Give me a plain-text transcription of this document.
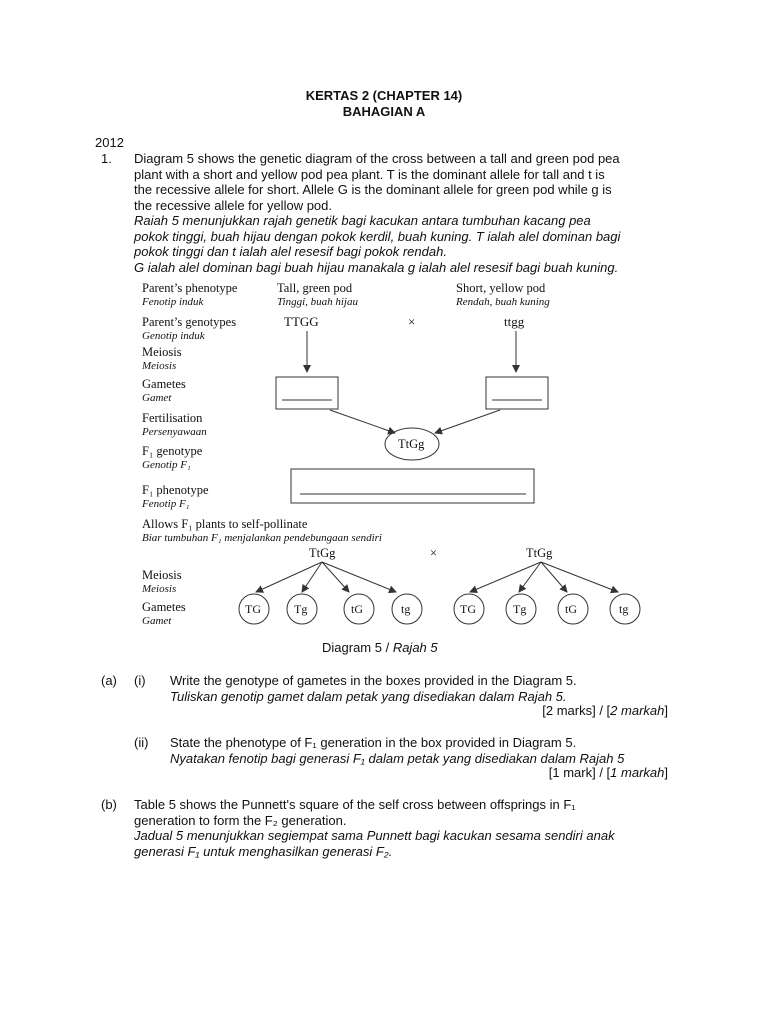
KERTAS 2 (CHAPTER 14)
BAHAGIAN A
2012
1. Diagram 5 shows the genetic diagram of the cross between a tall and green pod pea
plant with a short and yellow pod pea plant. T is the dominant allele for tall and t is
the recessive allele for short. Allele G is the dominant allele for green pod while g is
the recessive allele for yellow pod.
Raiah 5 menunjukkan rajah genetik bagi kacukan antara tumbuhan kacang pea
pokok tinggi, buah hijau dengan pokok kerdil, buah kuning. T ialah alel dominan bagi
pokok tinggi dan t ialah alel resesif bagi pokok rendah.
G ialah alel dominan bagi buah hijau manakala g ialah alel resesif bagi buah kuning.
Parent’s phenotype
Fenotip induk
Parent’s genotypes
Genotip induk
Meiosis
Meiosis
Gametes
Gamet
Fertilisation
Persenyawaan
F₁ genotype
Genotip F₁
F₁ phenotype
Fenotip F₁
Allows F₁ plants to self-pollinate
Biar tumbuhan F₁ menjalankan pendebungaan sendiri
Meiosis
Meiosis
Gametes
Gamet
Tall, green pod
Tinggi, buah hijau
Short, yellow pod
Rendah, buah kuning
TTGG	×	ttgg
TtGg
TtGg	×	TtGg
TG	Tg	tG	tg	TG	Tg	tG	tg
Diagram 5 / Rajah 5
(a) (i) Write the genotype of gametes in the boxes provided in the Diagram 5.
Tuliskan genotip gamet dalam petak yang disediakan dalam Rajah 5.
[2 marks] / [2 markah]
(ii) State the phenotype of F₁ generation in the box provided in Diagram 5.
Nyatakan fenotip bagi generasi F₁ dalam petak yang disediakan dalam Rajah 5
[1 mark] / [1 markah]
(b) Table 5 shows the Punnett's square of the self cross between offsprings in F₁
generation to form the F₂ generation.
Jadual 5 menunjukkan segiempat sama Punnett bagi kacukan sesama sendiri anak
generasi F₁ untuk menghasilkan generasi F₂.
